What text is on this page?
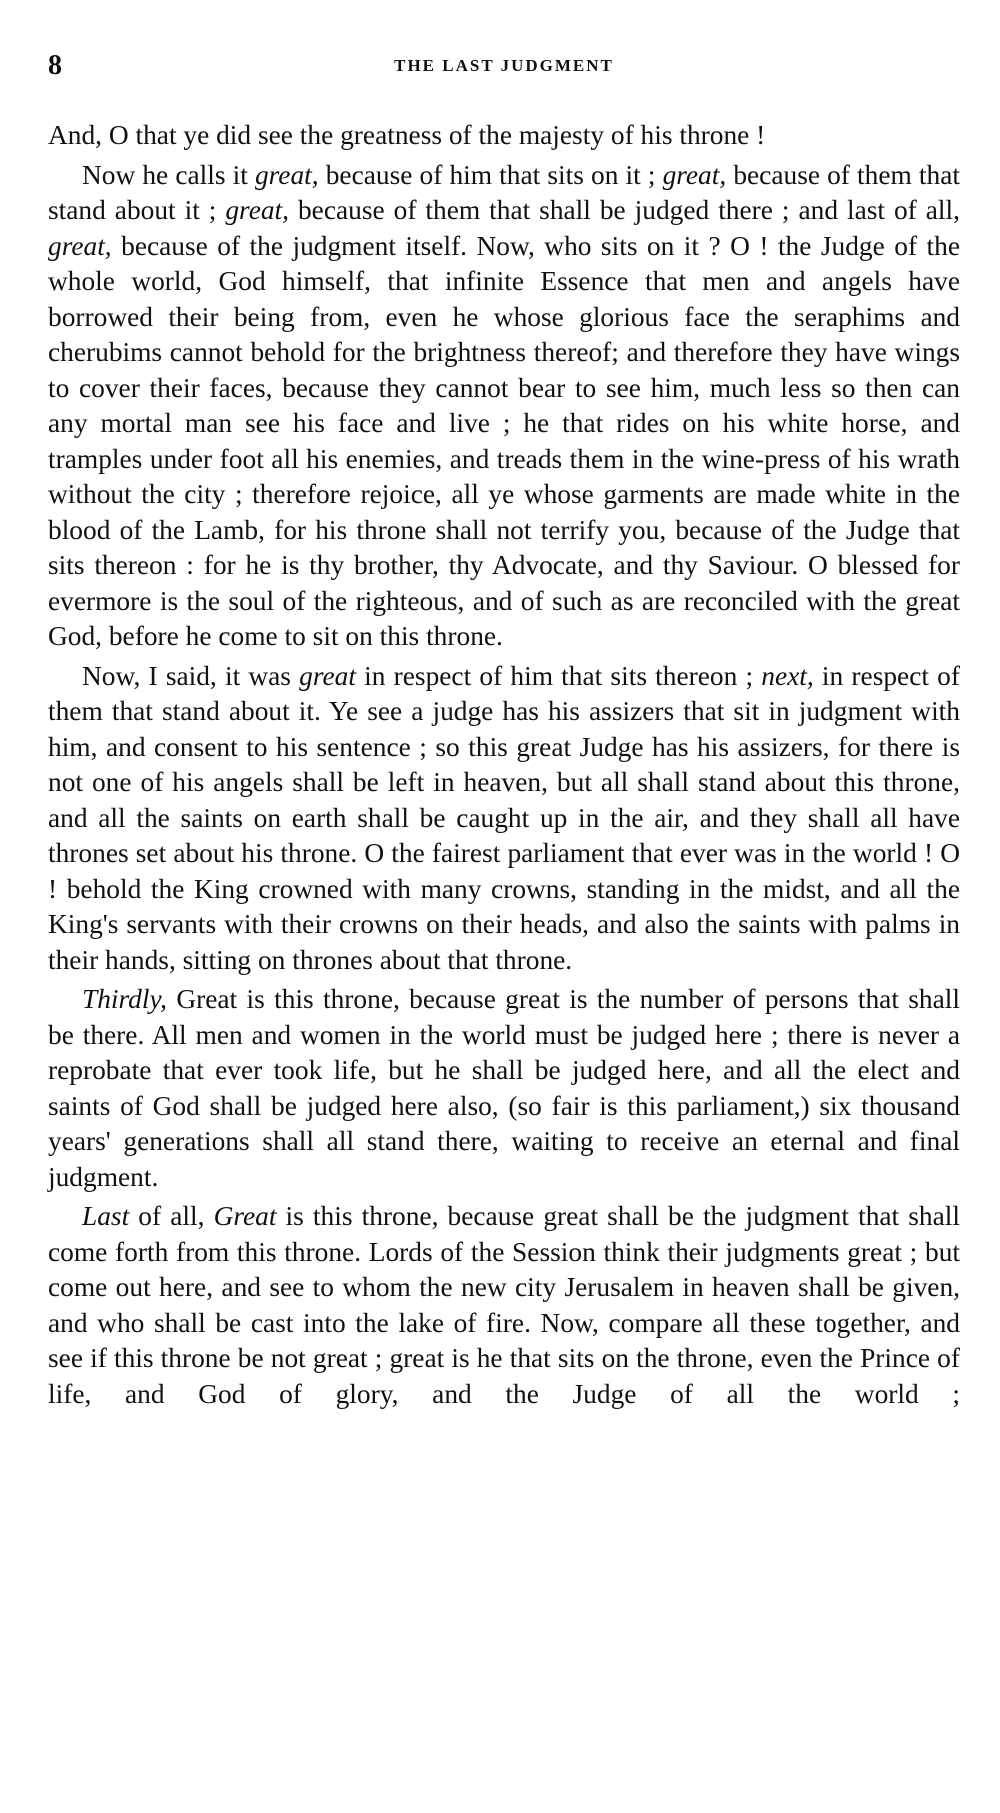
8	THE LAST JUDGMENT

And, O that ye did see the greatness of the majesty of his throne !

Now he calls it great, because of him that sits on it ; great, because of them that stand about it ; great, because of them that shall be judged there ; and last of all, great, because of the judgment itself. Now, who sits on it ? O ! the Judge of the whole world, God himself, that infinite Essence that men and angels have borrowed their being from, even he whose glorious face the seraphims and cherubims cannot behold for the brightness thereof; and therefore they have wings to cover their faces, because they cannot bear to see him, much less so then can any mortal man see his face and live ; he that rides on his white horse, and tramples under foot all his enemies, and treads them in the wine-press of his wrath without the city ; therefore rejoice, all ye whose garments are made white in the blood of the Lamb, for his throne shall not terrify you, because of the Judge that sits thereon : for he is thy brother, thy Advocate, and thy Saviour. O blessed for evermore is the soul of the righteous, and of such as are reconciled with the great God, before he come to sit on this throne.

Now, I said, it was great in respect of him that sits thereon ; next, in respect of them that stand about it. Ye see a judge has his assizers that sit in judgment with him, and consent to his sentence ; so this great Judge has his assizers, for there is not one of his angels shall be left in heaven, but all shall stand about this throne, and all the saints on earth shall be caught up in the air, and they shall all have thrones set about his throne. O the fairest parliament that ever was in the world ! O ! behold the King crowned with many crowns, standing in the midst, and all the King's servants with their crowns on their heads, and also the saints with palms in their hands, sitting on thrones about that throne.

Thirdly, Great is this throne, because great is the number of persons that shall be there. All men and women in the world must be judged here ; there is never a reprobate that ever took life, but he shall be judged here, and all the elect and saints of God shall be judged here also, (so fair is this parliament,) six thousand years' generations shall all stand there, waiting to receive an eternal and final judgment.

Last of all, Great is this throne, because great shall be the judgment that shall come forth from this throne. Lords of the Session think their judgments great ; but come out here, and see to whom the new city Jerusalem in heaven shall be given, and who shall be cast into the lake of fire. Now, compare all these together, and see if this throne be not great ; great is he that sits on the throne, even the Prince of life, and God of glory, and the Judge of all the world ;
